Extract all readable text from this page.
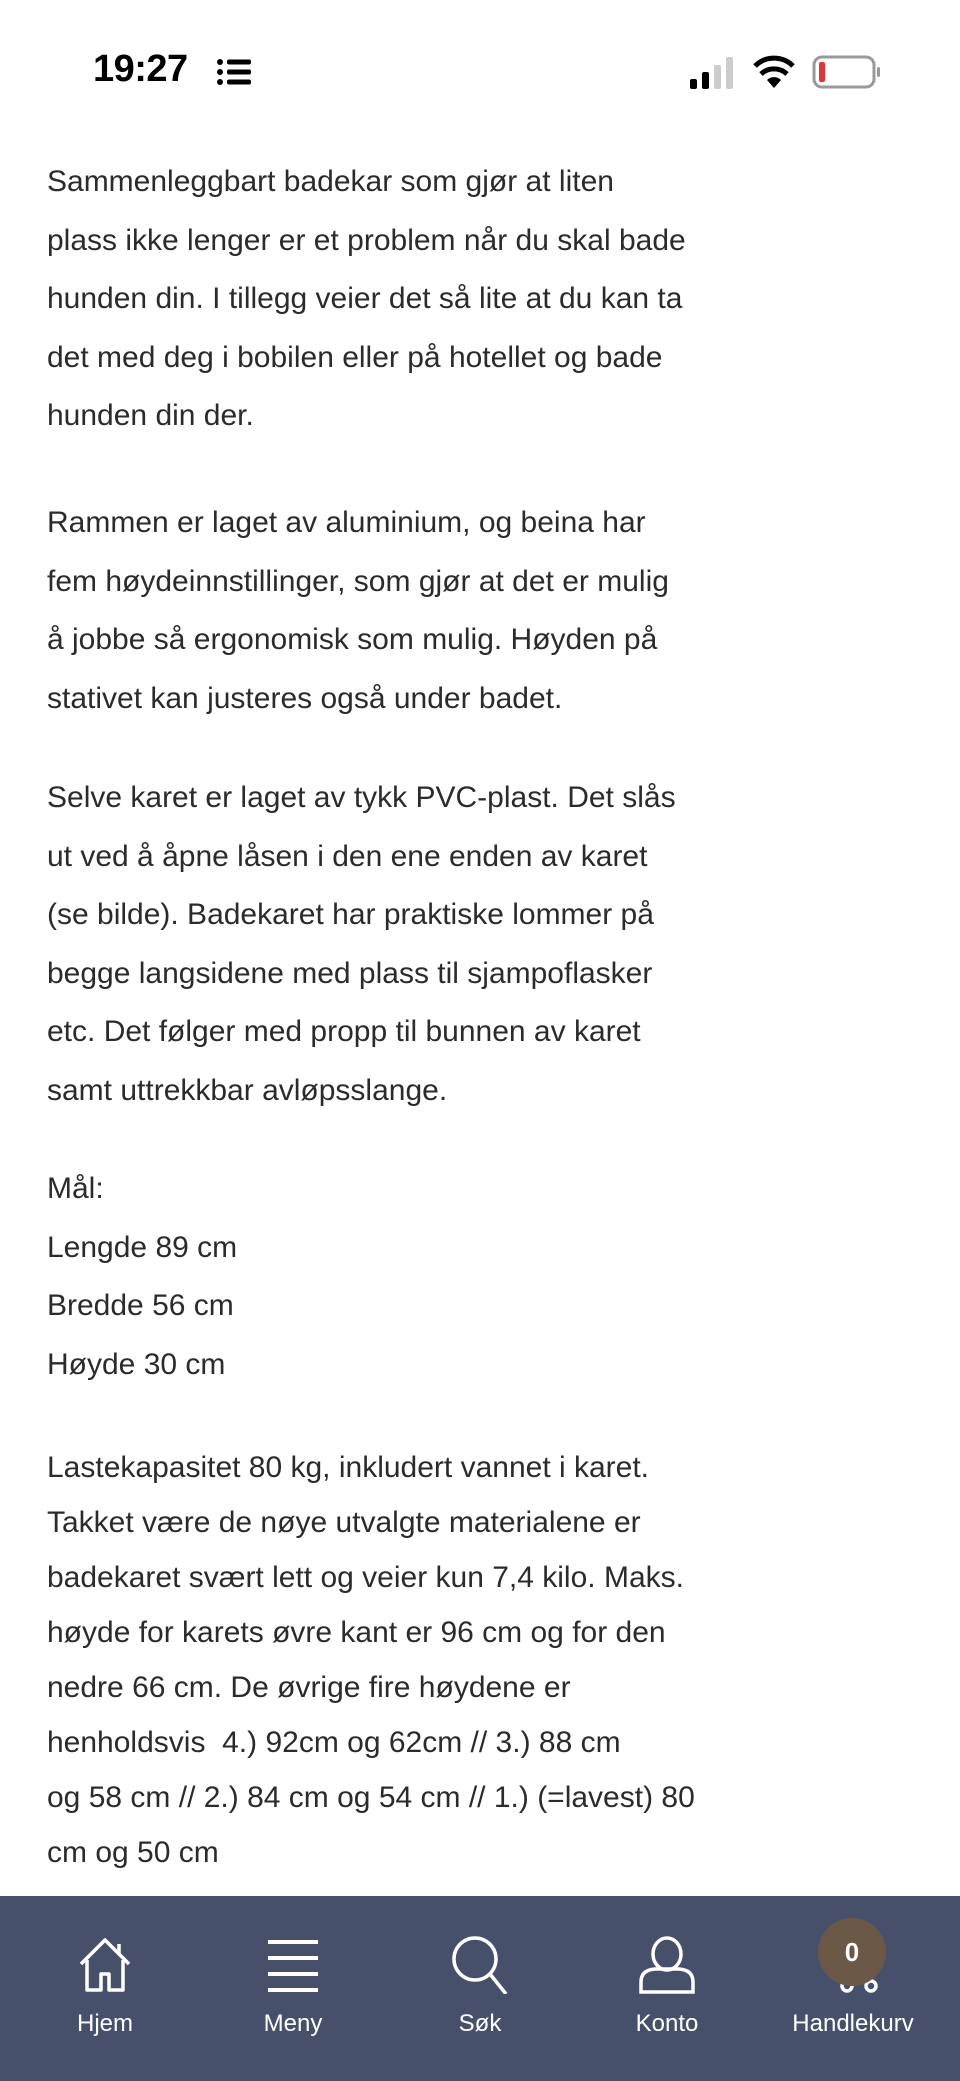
19:27
Sammenleggbart badekar som gjør at liten
plass ikke lenger er et problem når du skal bade
hunden din. I tillegg veier det så lite at du kan ta
det med deg i bobilen eller på hotellet og bade
hunden din der.
Rammen er laget av aluminium, og beina har
fem høydeinnstillinger, som gjør at det er mulig
å jobbe så ergonomisk som mulig. Høyden på
stativet kan justeres også under badet.
Selve karet er laget av tykk PVC-plast. Det slås
ut ved å åpne låsen i den ene enden av karet
(se bilde). Badekaret har praktiske lommer på
begge langsidene med plass til sjampoflasker
etc. Det følger med propp til bunnen av karet
samt uttrekkbar avløpsslange.
Mål:
Lengde 89 cm
Bredde 56 cm
Høyde 30 cm
Lastekapasitet 80 kg, inkludert vannet i karet.
Takket være de nøye utvalgte materialene er
badekaret svært lett og veier kun 7,4 kilo. Maks.
høyde for karets øvre kant er 96 cm og for den
nedre 66 cm. De øvrige fire høydene er
henholdsvis  4.) 92cm og 62cm // 3.) 88 cm
og 58 cm // 2.) 84 cm og 54 cm // 1.) (=lavest) 80
cm og 50 cm
Hjem	Meny	Søk	Konto	Handlekurv
0
